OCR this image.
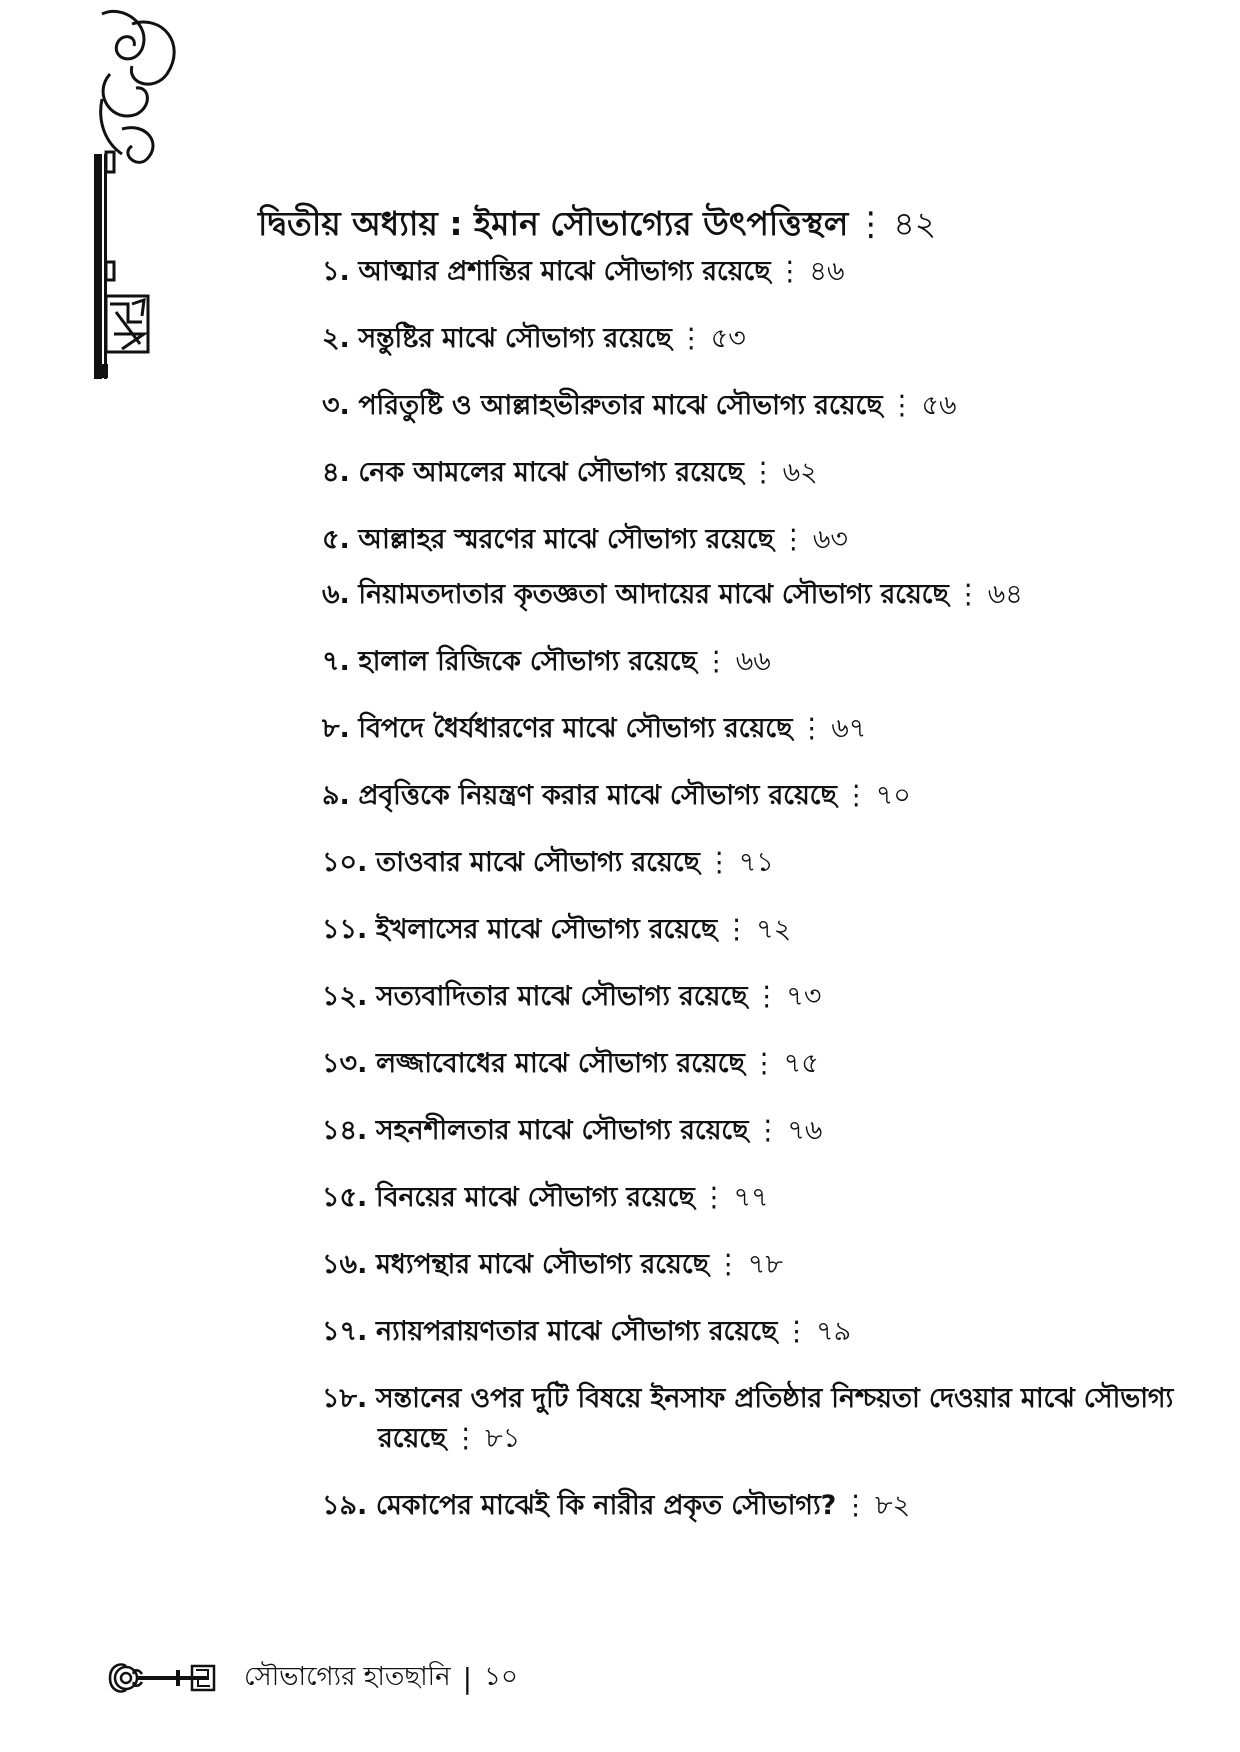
দ্বিতীয় অধ্যায় : ইমান সৌভাগ্যের উৎপত্তিস্থল ⋮ ৪২
১. আত্মার প্রশান্তির মাঝে সৌভাগ্য রয়েছে ⋮ ৪৬
২. সন্তুষ্টির মাঝে সৌভাগ্য রয়েছে ⋮ ৫৩
৩. পরিতুষ্টি ও আল্লাহভীরুতার মাঝে সৌভাগ্য রয়েছে ⋮ ৫৬
৪. নেক আমলের মাঝে সৌভাগ্য রয়েছে ⋮ ৬২
৫. আল্লাহর স্মরণের মাঝে সৌভাগ্য রয়েছে ⋮ ৬৩
৬. নিয়ামতদাতার কৃতজ্ঞতা আদায়ের মাঝে সৌভাগ্য রয়েছে ⋮ ৬৪
৭. হালাল রিজিকে সৌভাগ্য রয়েছে ⋮ ৬৬
৮. বিপদে ধৈর্যধারণের মাঝে সৌভাগ্য রয়েছে ⋮ ৬৭
৯. প্রবৃত্তিকে নিয়ন্ত্রণ করার মাঝে সৌভাগ্য রয়েছে ⋮ ৭০
১০. তাওবার মাঝে সৌভাগ্য রয়েছে ⋮ ৭১
১১. ইখলাসের মাঝে সৌভাগ্য রয়েছে ⋮ ৭২
১২. সত্যবাদিতার মাঝে সৌভাগ্য রয়েছে ⋮ ৭৩
১৩. লজ্জাবোধের মাঝে সৌভাগ্য রয়েছে ⋮ ৭৫
১৪. সহনশীলতার মাঝে সৌভাগ্য রয়েছে ⋮ ৭৬
১৫. বিনয়ের মাঝে সৌভাগ্য রয়েছে ⋮ ৭৭
১৬. মধ্যপন্থার মাঝে সৌভাগ্য রয়েছে ⋮ ৭৮
১৭. ন্যায়পরায়ণতার মাঝে সৌভাগ্য রয়েছে ⋮ ৭৯
১৮. সন্তানের ওপর দুটি বিষয়ে ইনসাফ প্রতিষ্ঠার নিশ্চয়তা দেওয়ার মাঝে সৌভাগ্য রয়েছে ⋮ ৮১
১৯. মেকাপের মাঝেই কি নারীর প্রকৃত সৌভাগ্য? ⋮ ৮২
সৌভাগ্যের হাতছানি | ১০
